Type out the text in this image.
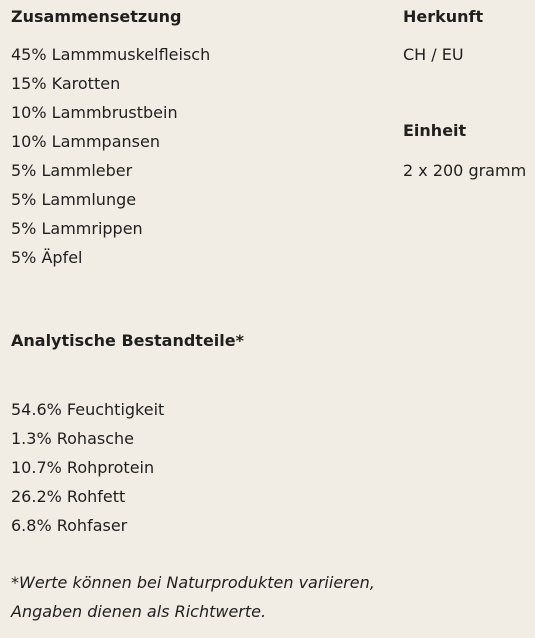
Zusammensetzung
45% Lammmuskelfleisch
15% Karotten
10% Lammbrustbein
10% Lammpansen
5% Lammleber
5% Lammlunge
5% Lammrippen
5% Äpfel
Herkunft

CH / EU

Einheit

2 x 200 gramm

Analytische Bestandteile*
54.6% Feuchtigkeit
1.3% Rohasche
10.7% Rohprotein
26.2% Rohfett
6.8% Rohfaser

*Werte können bei Naturprodukten variieren,
Angaben dienen als Richtwerte.
